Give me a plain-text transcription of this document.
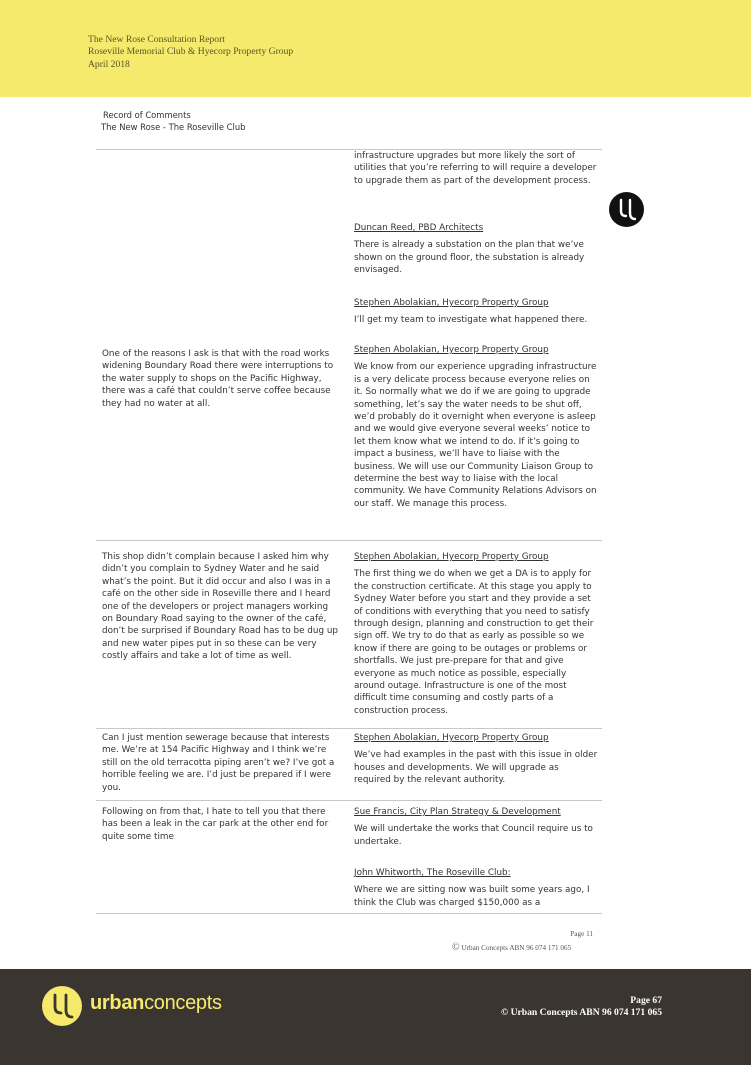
The New Rose Consultation Report
Roseville Memorial Club & Hyecorp Property Group
April 2018
Record of Comments
The New Rose - The Roseville Club
infrastructure upgrades but more likely the sort of utilities that you’re referring to will require a developer to upgrade them as part of the development process.
Duncan Reed, PBD Architects
There is already a substation on the plan that we’ve shown on the ground floor, the substation is already envisaged.
Stephen Abolakian, Hyecorp Property Group
I’ll get my team to investigate what happened there.
One of the reasons I ask is that with the road works widening Boundary Road there were interruptions to the water supply to shops on the Pacific Highway, there was a café that couldn’t serve coffee because they had no water at all.
Stephen Abolakian, Hyecorp Property Group
We know from our experience upgrading infrastructure is a very delicate process because everyone relies on it. So normally what we do if we are going to upgrade something, let’s say the water needs to be shut off, we’d probably do it overnight when everyone is asleep and we would give everyone several weeks’ notice to let them know what we intend to do. If it’s going to impact a business, we’ll have to liaise with the business. We will use our Community Liaison Group to determine the best way to liaise with the local community. We have Community Relations Advisors on our staff. We manage this process.
This shop didn’t complain because I asked him why didn’t you complain to Sydney Water and he said what’s the point. But it did occur and also I was in a café on the other side in Roseville there and I heard one of the developers or project managers working on Boundary Road saying to the owner of the café, don’t be surprised if Boundary Road has to be dug up and new water pipes put in so these can be very costly affairs and take a lot of time as well.
Stephen Abolakian, Hyecorp Property Group
The first thing we do when we get a DA is to apply for the construction certificate. At this stage you apply to Sydney Water before you start and they provide a set of conditions with everything that you need to satisfy through design, planning and construction to get their sign off. We try to do that as early as possible so we know if there are going to be outages or problems or shortfalls. We just pre-prepare for that and give everyone as much notice as possible, especially around outage. Infrastructure is one of the most difficult time consuming and costly parts of a construction process.
Can I just mention sewerage because that interests me. We’re at 154 Pacific Highway and I think we’re still on the old terracotta piping aren’t we? I’ve got a horrible feeling we are. I’d just be prepared if I were you.
Stephen Abolakian, Hyecorp Property Group
We’ve had examples in the past with this issue in older houses and developments. We will upgrade as required by the relevant authority.
Following on from that, I hate to tell you that there has been a leak in the car park at the other end for quite some time
Sue Francis, City Plan Strategy & Development
We will undertake the works that Council require us to undertake.
John Whitworth, The Roseville Club:
Where we are sitting now was built some years ago, I think the Club was charged $150,000 as a
Page 11
© Urban Concepts ABN 96 074 171 065
urbanconcepts	Page 67
© Urban Concepts ABN 96 074 171 065
